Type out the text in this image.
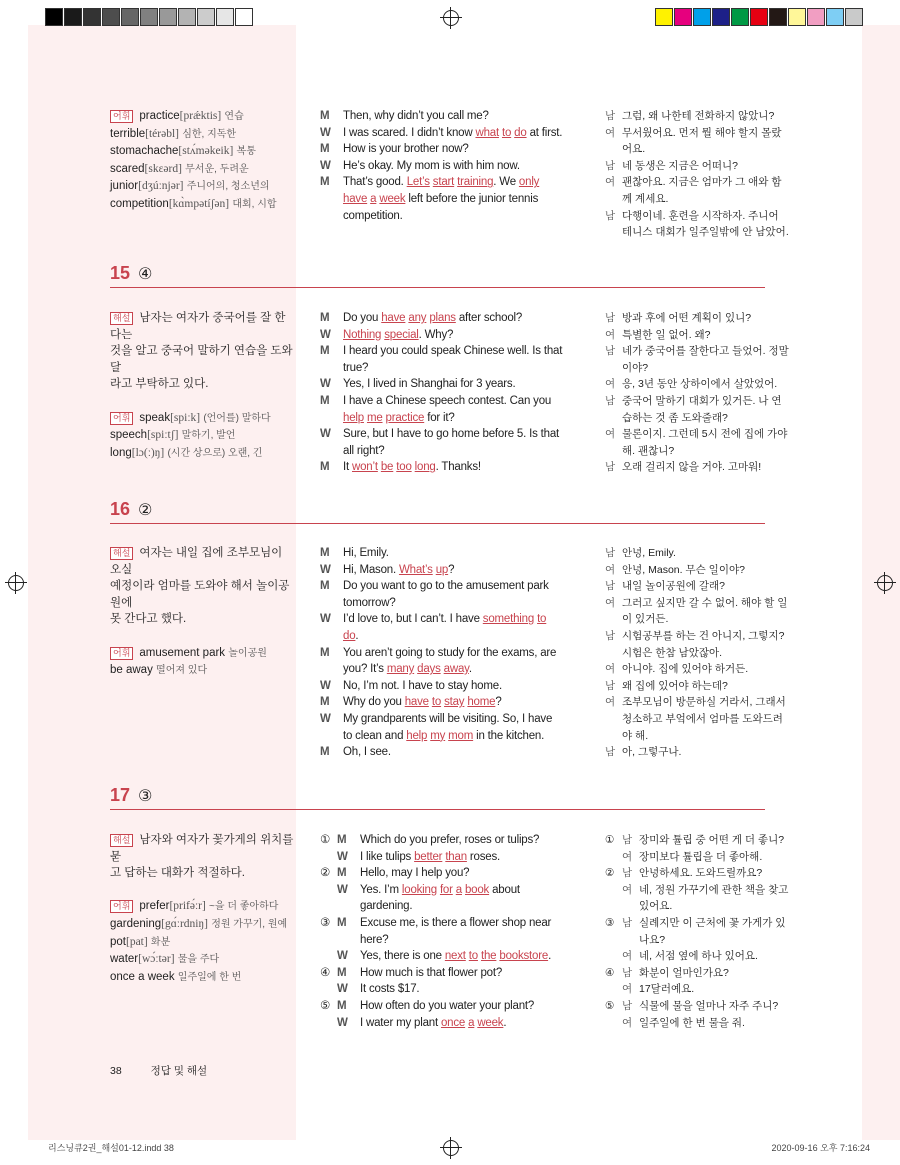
어휘 practice[prǽktis] 연습
terrible[térəbl] 심한, 지독한
stomachache[stʌ́məkeik] 복통
scared[skɛərd] 무서운, 두려운
junior[dʒúːnjər] 주니어의, 청소년의
competition[kɑ̀mpətíʃən] 대회, 시합
M	Then, why didn’t you call me?
W	I was scared. I didn’t know what to do at first.
M	How is your brother now?
W	He’s okay. My mom is with him now.
M	That’s good. Let’s start training. We only
have a week left before the junior tennis
competition.
남 그럼, 왜 나한테 전화하지 않았니?
여 무서웠어요. 먼저 뭘 해야 할지 몰랐
어요.
남 네 동생은 지금은 어떠니?
여 괜찮아요. 지금은 엄마가 그 애와 함
께 계세요.
남 다행이네. 훈련을 시작하자. 주니어
테니스 대회가 일주일밖에 안 남았어.
15 ④
해설 남자는 여자가 중국어를 잘 한다는
것을 알고 중국어 말하기 연습을 도와 달
라고 부탁하고 있다.
어휘 speak[spiːk] (언어를) 말하다
speech[spiːtʃ] 말하기, 발언
long[lɔ(ː)ŋ] (시간 상으로) 오랜, 긴
M	Do you have any plans after school?
W	Nothing special. Why?
M	I heard you could speak Chinese well. Is that
true?
W	Yes, I lived in Shanghai for 3 years.
M	I have a Chinese speech contest. Can you
help me practice for it?
W	Sure, but I have to go home before 5. Is that
all right?
M	It won’t be too long. Thanks!
남 방과 후에 어떤 계획이 있니?
여 특별한 일 없어. 왜?
남 네가 중국어를 잘한다고 들었어. 정말
이야?
여 응, 3년 동안 상하이에서 살았었어.
남 중국어 말하기 대회가 있거든. 나 연
습하는 것 좀 도와줄래?
여 물론이지. 그런데 5시 전에 집에 가야
해. 괜찮니?
남 오래 걸리지 않을 거야. 고마워!
16 ②
해설 여자는 내일 집에 조부모님이 오실
예정이라 엄마를 도와야 해서 놀이공원에
못 간다고 했다.
어휘 amusement park 놀이공원
be away 떨어져 있다
M	Hi, Emily.
W	Hi, Mason. What’s up?
M	Do you want to go to the amusement park
tomorrow?
W	I’d love to, but I can’t. I have something to
do.
M	You aren’t going to study for the exams, are
you? It’s many days away.
W	No, I’m not. I have to stay home.
M	Why do you have to stay home?
W	My grandparents will be visiting. So, I have
to clean and help my mom in the kitchen.
M	Oh, I see.
남 안녕, Emily.
여 안녕, Mason. 무슨 일이야?
남 내일 놀이공원에 갈래?
여 그러고 싶지만 갈 수 없어. 해야 할 일
이 있거든.
남 시험공부를 하는 건 아니지, 그렇지?
시험은 한참 남았잖아.
여 아니야. 집에 있어야 하거든.
남 왜 집에 있어야 하는데?
여 조부모님이 방문하실 거라서, 그래서
청소하고 부엌에서 엄마를 도와드려
야 해.
남 아, 그렇구나.
17 ③
해설 남자와 여자가 꽃가게의 위치를 묻
고 답하는 대화가 적절하다.
어휘 prefer[prifə́ːr] ~을 더 좋아하다
gardening[gɑ́ːrdniŋ] 정원 가꾸기, 원예
pot[pat] 화분
water[wɔ́ːtər] 물을 주다
once a week 일주일에 한 번
① M	Which do you prefer, roses or tulips?
W	I like tulips better than roses.
② M	Hello, may I help you?
W	Yes. I’m looking for a book about
gardening.
③ M	Excuse me, is there a flower shop near
here?
W	Yes, there is one next to the bookstore.
④ M	How much is that flower pot?
W	It costs $17.
⑤ M	How often do you water your plant?
W	I water my plant once a week.
① 남 장미와 튤립 중 어떤 게 더 좋니?
여 장미보다 튤립을 더 좋아해.
② 남 안녕하세요. 도와드릴까요?
여 네, 정원 가꾸기에 관한 책을 찾고
있어요.
③ 남 실례지만 이 근처에 꽃 가게가 있
나요?
여 네, 서점 옆에 하나 있어요.
④ 남 화분이 얼마인가요?
여 17달러예요.
⑤ 남 식물에 물을 얼마나 자주 주니?
여 일주일에 한 번 물을 줘.
38	정답 및 해설
리스닝큐2권_해설01-12.indd 38	2020-09-16 오후 7:16:24
